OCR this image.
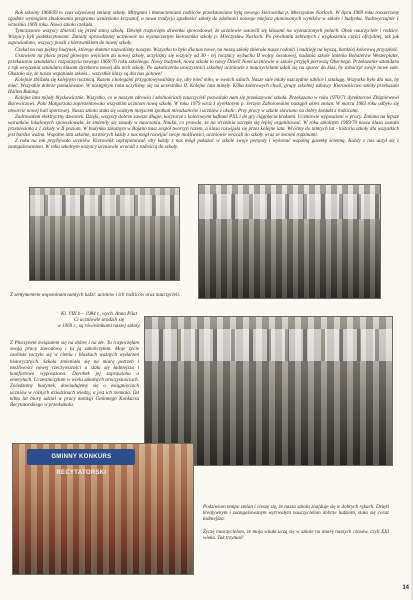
Rok szkolny 1968/69 to czas ożywionej zmiany szkoły. Mitygami i tłumaczeniami rodziców przedstawiano byłą nowego kierownika p. Mieczysław Narloch. W lipcu 1969 roku rozszerzony zgodnie wymogiem zbudowania programu wzniesiono krzysztof, a nowa tradycja zgodności szkoły do zdolności nowego miejsca planowanych wyników w szkole i budynku. Nadzwyczajnie 1 września 1969 roku. Nowa szkoła czekała.

Tymczasowo wszyscy zbierali się przed starą szkołą. Dźwięk rozpoczęła dzwonka spowodował, że uczniowie ustawili się klasami na wyznaczonych polach. Obok nauczyciele i rodzice. Wszyscy byli podekscytowani. Zmiany sprawdzonej uczniowie na wyznaczonym kierownika szkoły p. Mieczysław Narloch. Po powitaniu zebranych i wygłoszeniu części oficjalnej, tak jak zapowiadano, wszyscy poszli z kierownikiem do nowej szkoły.

Czekał na nas piękny budynek, którego dumnie nazwaliśmy naszym. Wszystko to było dla nas nowe, na naszą szkołę zbierało nasze radości i nadzieję na lepszą, bardziej kolorową przyszłość.

Ustawieni na placu przed głównym wejściem do nowej szkoły, uczyliśmy się wszyscy od 30 - tej rocznicy wybuchu II wojny światowej, nadania szkole imienia Bohaterów Westerplatte, przekazania sztandaru i rozpoczęcia nowego 1969/70 roku szkolnego. Nowy budynek, nowa szkoła to nowy Dzień! Nowi uczniowie w szkole przyjęli pierwszą Obecnego. Przekazanie sztandaru z rąk wręczenia sztandaru klasom dyrektora nowej dla nich szkoły. Po zakończeniu uroczystości szkolnej uczniowie z nauczycielami udali się na spacer do klas, by zobaczyć swoje nowe sale. Okazało się, że nasza wspaniała szkoła... wszystkie klasy są dla nas gotowe!

Kolejnie zbliżała się kolejnym rocznicą. Razem z kolegami przygotowywaliśmy się, aby mieć miło, w swoich salach. Nasze sale miały oszczędnie tablice i sztalugę. Wszystko było dla nas, by mieć. Wszystkie dobrze pomalowane. W następnym roku uczyliśmy się na uczestnika II. Kolejne lata minęły. Kilka kolorowych chwil, grupy szkolnej zabawy. Kierownictwo szkoły przekazało Halina Bulang.

Kolejne lata mijały błyskawicznie. Wszystko, co w naszym zdrowiu i zdolnościach nauczycieli pozwalało nam się przekazywać szkoła. Przekazano w roku 1970/71 dyrektorowi Zbigniewowi Bacewiczowi. Pani Małgorzata zaprezentowała wszystkim uczniom nową szkołę. W roku 1979 wraz z dyrektorem p. Jerzym Zaborowskim nastąpił okres zmian. W marcu 1983 roku odbyło się otwarcie nowej hali sportowej. Nasza szkoła stała się ważnym miejscem spotkań mieszkańców i uczniów z okolic. Przy pracy w szkole stawiano na dobry kontakt z rodzicami.

Zadrowałem elektryczny dzwonek. Dzięki, wszyscy dobrze zawsze długie, korytarze z kolorowymi kaflami PXL i do gry ciągnięcia krokami. Uczniowie wyposażeni w pracy. Zmiana na lepsze warunków lokalowych spowodowała, że zmieniły się zasady w nauczaniu. Nauka, co prawda, że na wrześniu zaczęła się lepiej organizować. W roku szkolnym 1969/70 nasza klasa została przeniesiona z 1 szkoły w II poziom. W budynku szkolnym w Bojano nasz zespół tworzyli razem, a klasa rozwijała się przez kolejne lata. Wróćmy do tamtych lat - historia szkoły dla wszystkich jest bardzo ważna. Wspólne lata szkolne, na których każdy z nas mógł rozwijać swoje możliwości, uczniowie wracali do szkoły wraz ze swoimi rodzinami.

Z roku na rok przybywało uczniów. Kierownik zaproponował, aby każdy z nas mógł pokazać w szkole swoje pomysły i wykonać wspólną gazetkę ścienną. Każdy z nas uczył się z zaangażowaniem. W roku szkolnym wszyscy uczniowie wracali z radością do szkoły.

Z sentymentem wspominam tamtych ludzi: uczniów i ich rodziców oraz nauczycieli.
Kl. VIII b – 1984 r., wych. Anna Pilat
Ci uczniowie urodzili się
w 1969 r., są rówieśnikami naszej szkoły.
Z Pinczynem związałem się na dobre i na złe. Tu rozpoczęłam swoją pracę zawodową i tu ją zakończyłem. Moje życie osobiste toczyło się w cieniu i blaskach ważnych wydarzeń historycznych. Szkoła zmieniała się na miarę potrzeb i możliwości nowej rzeczywistości a stała się ładniejsza i komfortowo wyposażona. Dorobek jej zaprawiona o emerytach. Uczestniczyłam w wielu szkolnych uroczystościach. Zwiedzamy budynek, dowiadujemy się o osiągnięciach uczniów w różnych dziedzinach wiedzy, a jest ich niemało. Od kilku lat biorę udział w pracy komisji Gminnego Konkursu Recytatorskiego w przedszkolu.
GMINNY KONKURS RECYTATORSKI
Podziwiam tempo zmian i cieszę się, że nasza szkoła znajduje się w dobrych rękach. Dzięki kreatywnym i zaangażowanym wytrwałym nauczycielom dobrze ludziom, stała się coraz ładniejsza.
Życzę nauczycielom, że moja wnuki uczą się w szkole na miarę naszych czasów, czyli XXI wieku. Tak trzymać!
14
